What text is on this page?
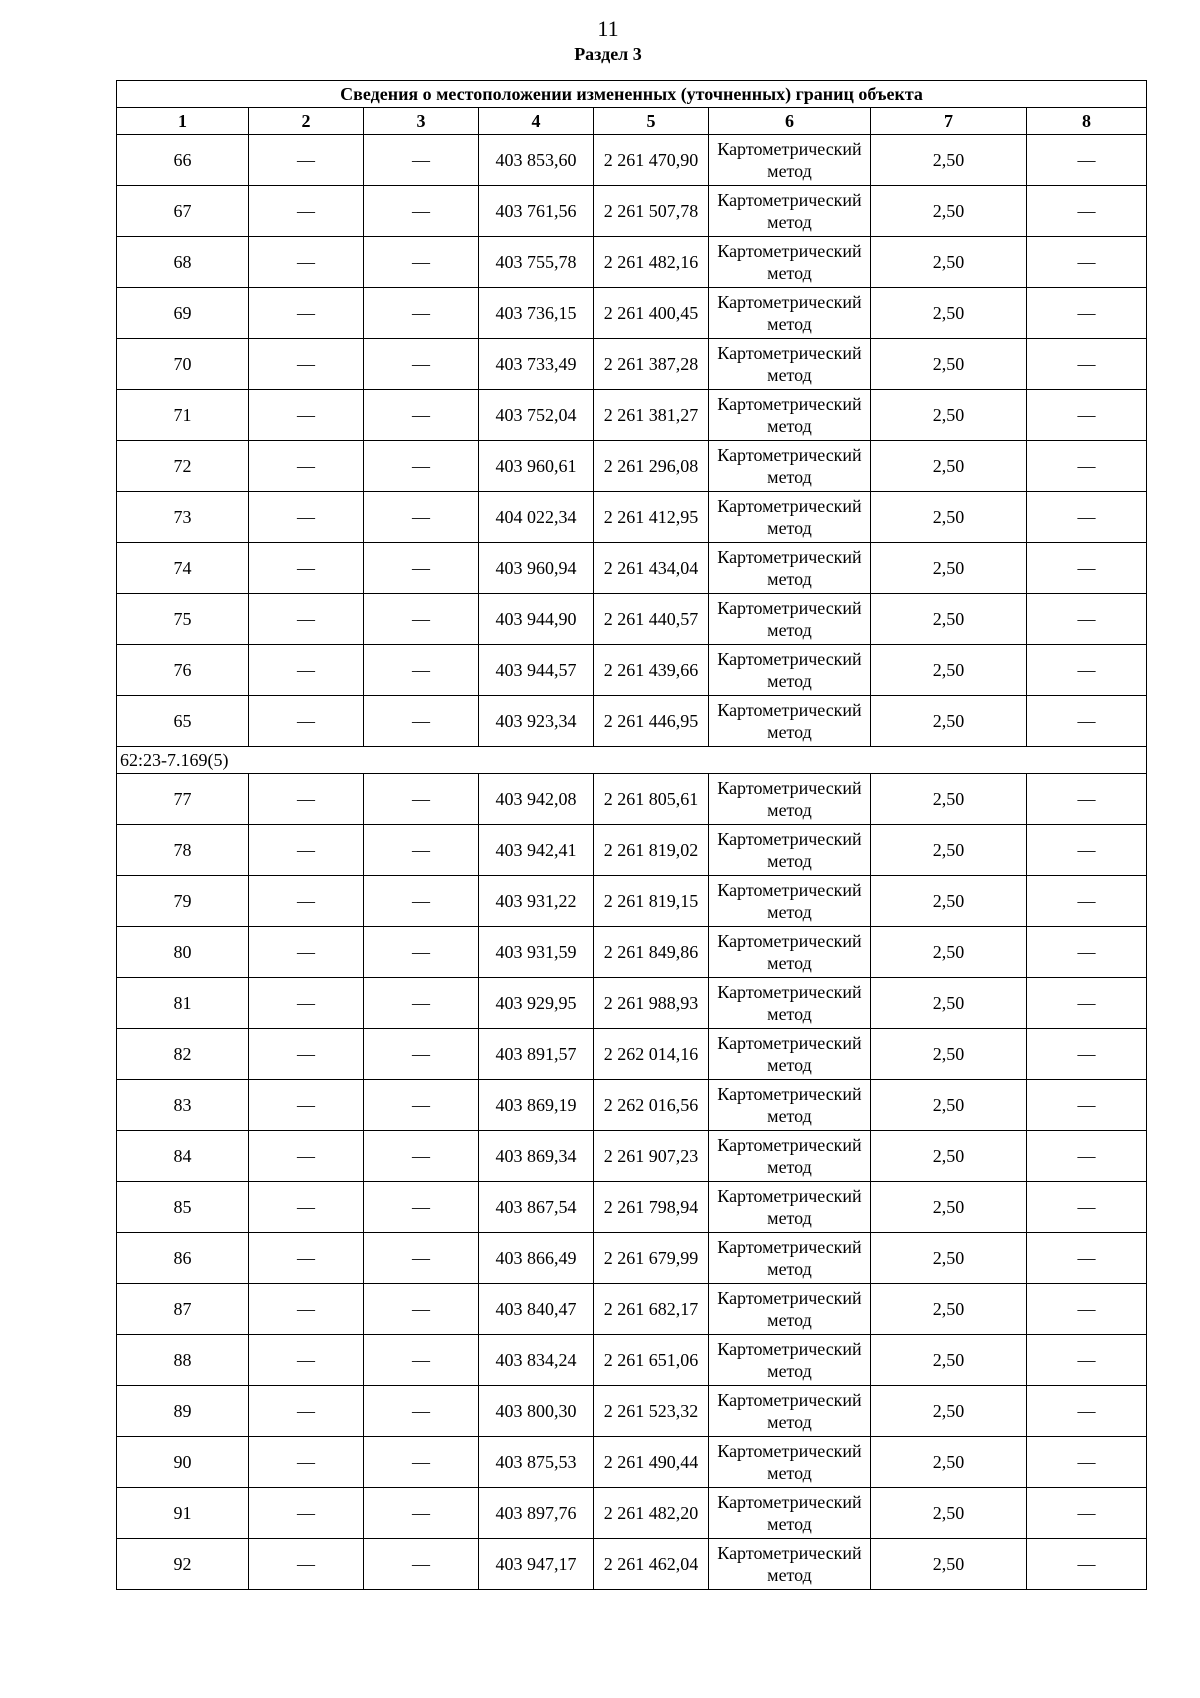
11
Раздел 3
Сведения о местоположении измененных (уточненных) границ объекта							
1	2	3	4	5	6	7	8
66	—	—	403 853,60	2 261 470,90	Картометрический метод	2,50	—
67	—	—	403 761,56	2 261 507,78	Картометрический метод	2,50	—
68	—	—	403 755,78	2 261 482,16	Картометрический метод	2,50	—
69	—	—	403 736,15	2 261 400,45	Картометрический метод	2,50	—
70	—	—	403 733,49	2 261 387,28	Картометрический метод	2,50	—
71	—	—	403 752,04	2 261 381,27	Картометрический метод	2,50	—
72	—	—	403 960,61	2 261 296,08	Картометрический метод	2,50	—
73	—	—	404 022,34	2 261 412,95	Картометрический метод	2,50	—
74	—	—	403 960,94	2 261 434,04	Картометрический метод	2,50	—
75	—	—	403 944,90	2 261 440,57	Картометрический метод	2,50	—
76	—	—	403 944,57	2 261 439,66	Картометрический метод	2,50	—
65	—	—	403 923,34	2 261 446,95	Картометрический метод	2,50	—
62:23-7.169(5)							
77	—	—	403 942,08	2 261 805,61	Картометрический метод	2,50	—
78	—	—	403 942,41	2 261 819,02	Картометрический метод	2,50	—
79	—	—	403 931,22	2 261 819,15	Картометрический метод	2,50	—
80	—	—	403 931,59	2 261 849,86	Картометрический метод	2,50	—
81	—	—	403 929,95	2 261 988,93	Картометрический метод	2,50	—
82	—	—	403 891,57	2 262 014,16	Картометрический метод	2,50	—
83	—	—	403 869,19	2 262 016,56	Картометрический метод	2,50	—
84	—	—	403 869,34	2 261 907,23	Картометрический метод	2,50	—
85	—	—	403 867,54	2 261 798,94	Картометрический метод	2,50	—
86	—	—	403 866,49	2 261 679,99	Картометрический метод	2,50	—
87	—	—	403 840,47	2 261 682,17	Картометрический метод	2,50	—
88	—	—	403 834,24	2 261 651,06	Картометрический метод	2,50	—
89	—	—	403 800,30	2 261 523,32	Картометрический метод	2,50	—
90	—	—	403 875,53	2 261 490,44	Картометрический метод	2,50	—
91	—	—	403 897,76	2 261 482,20	Картометрический метод	2,50	—
92	—	—	403 947,17	2 261 462,04	Картометрический метод	2,50	—
